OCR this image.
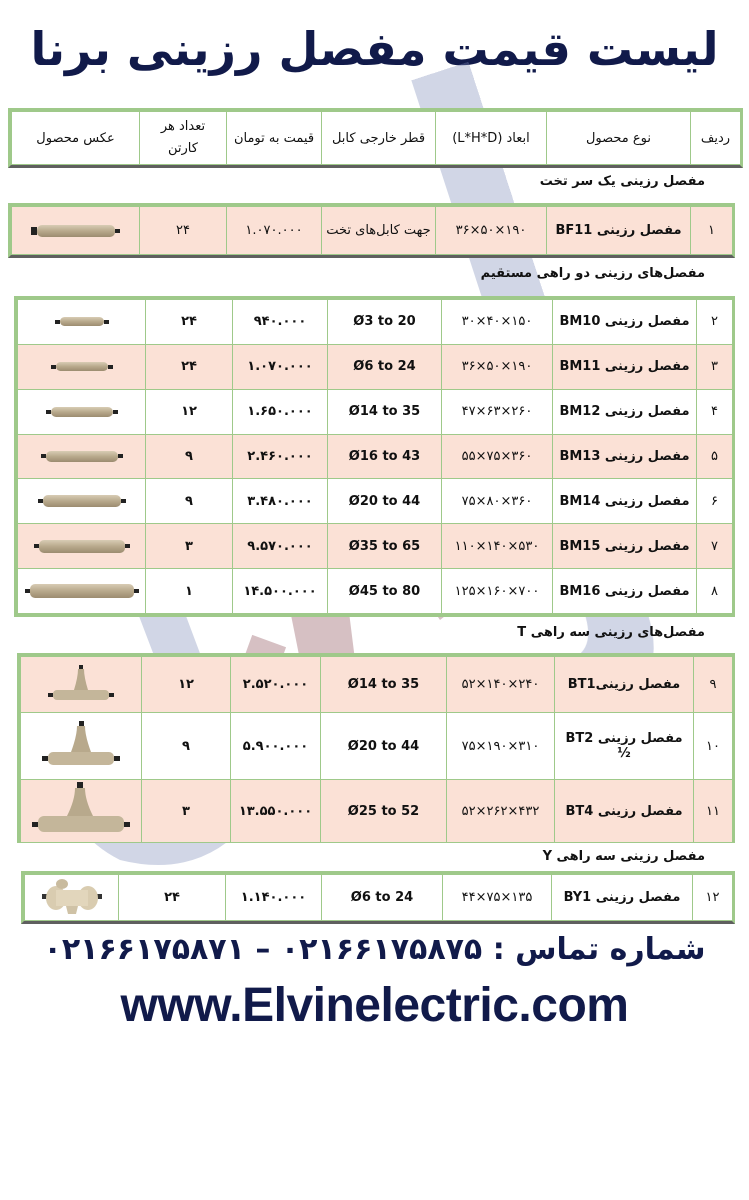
لیست قیمت مفصل رزینی برنا
ردیف	نوع محصول	ابعاد (L*H*D)	قطر خارجی کابل	قیمت به تومان	تعداد هر کارتن	عکس محصول
مفصل رزینی یک سر تخت
۱	مفصل رزینی BF11	۱۹۰×۵۰×۳۶	جهت کابل‌های تخت	۱.۰۷۰.۰۰۰	۲۴	
مفصل‌های رزینی دو راهی مستقیم
۲	مفصل رزینی BM10	۱۵۰×۴۰×۳۰	Ø3 to 20	۹۴۰.۰۰۰	۲۴	
۳	مفصل رزینی BM11	۱۹۰×۵۰×۳۶	Ø6 to 24	۱.۰۷۰.۰۰۰	۲۴	
۴	مفصل رزینی BM12	۲۶۰×۶۳×۴۷	Ø14 to 35	۱.۶۵۰.۰۰۰	۱۲	
۵	مفصل رزینی BM13	۳۶۰×۷۵×۵۵	Ø16 to 43	۲.۴۶۰.۰۰۰	۹	
۶	مفصل رزینی BM14	۳۶۰×۸۰×۷۵	Ø20 to 44	۳.۴۸۰.۰۰۰	۹	
۷	مفصل رزینی BM15	۵۳۰×۱۴۰×۱۱۰	Ø35 to 65	۹.۵۷۰.۰۰۰	۳	
۸	مفصل رزینی BM16	۷۰۰×۱۶۰×۱۲۵	Ø45 to 80	۱۴.۵۰۰.۰۰۰	۱	
مفصل‌های رزینی سه راهی T
۹	مفصل رزینیBT1	۲۴۰×۱۴۰×۵۲	Ø14 to 35	۲.۵۲۰.۰۰۰	۱۲	
۱۰	مفصل رزینی BT2 ½	۳۱۰×۱۹۰×۷۵	Ø20 to 44	۵.۹۰۰.۰۰۰	۹	
۱۱	مفصل رزینی BT4	۴۳۲×۲۶۲×۵۲	Ø25 to 52	۱۳.۵۵۰.۰۰۰	۳	
مفصل رزینی سه راهی Y
۱۲	مفصل رزینی BY1	۱۳۵×۷۵×۴۴	Ø6 to 24	۱.۱۴۰.۰۰۰	۲۴	
شماره تماس : ۰۲۱۶۶۱۷۵۸۷۵ – ۰۲۱۶۶۱۷۵۸۷۱
www.Elvinelectric.com
